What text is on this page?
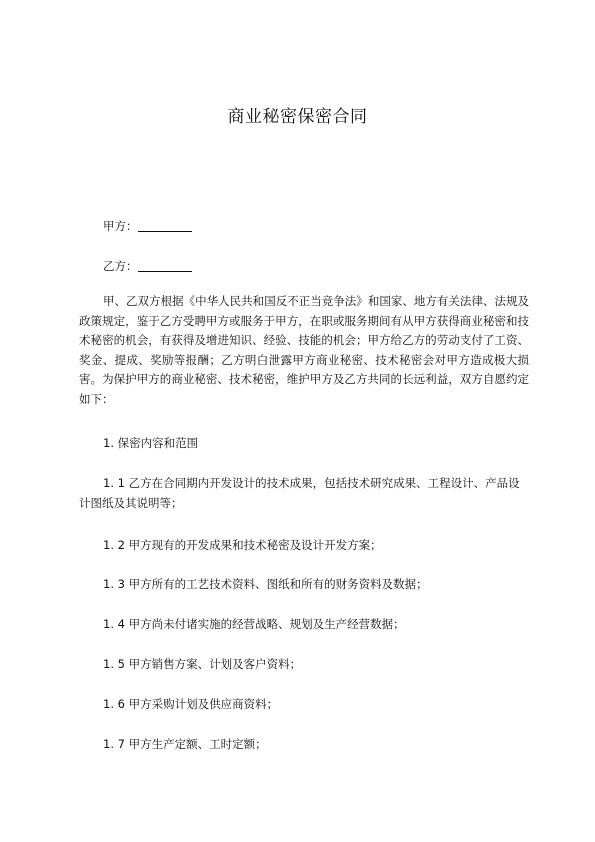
商业秘密保密合同
甲方：
乙方：
甲、乙双方根据《中华人民共和国反不正当竞争法》和国家、地方有关法律、法规及政策规定，鉴于乙方受聘甲方或服务于甲方，在职或服务期间有从甲方获得商业秘密和技术秘密的机会，有获得及增进知识、经验、技能的机会；甲方给乙方的劳动支付了工资、奖金、提成、奖励等报酬；乙方明白泄露甲方商业秘密、技术秘密会对甲方造成极大损害。为保护甲方的商业秘密、技术秘密，维护甲方及乙方共同的长远利益，双方自愿约定如下：
1. 保密内容和范围
1. 1 乙方在合同期内开发设计的技术成果，包括技术研究成果、工程设计、产品设计图纸及其说明等；
1. 2 甲方现有的开发成果和技术秘密及设计开发方案；
1. 3 甲方所有的工艺技术资料、图纸和所有的财务资料及数据；
1. 4 甲方尚未付诸实施的经营战略、规划及生产经营数据；
1. 5 甲方销售方案、计划及客户资料；
1. 6 甲方采购计划及供应商资料；
1. 7 甲方生产定额、工时定额；
